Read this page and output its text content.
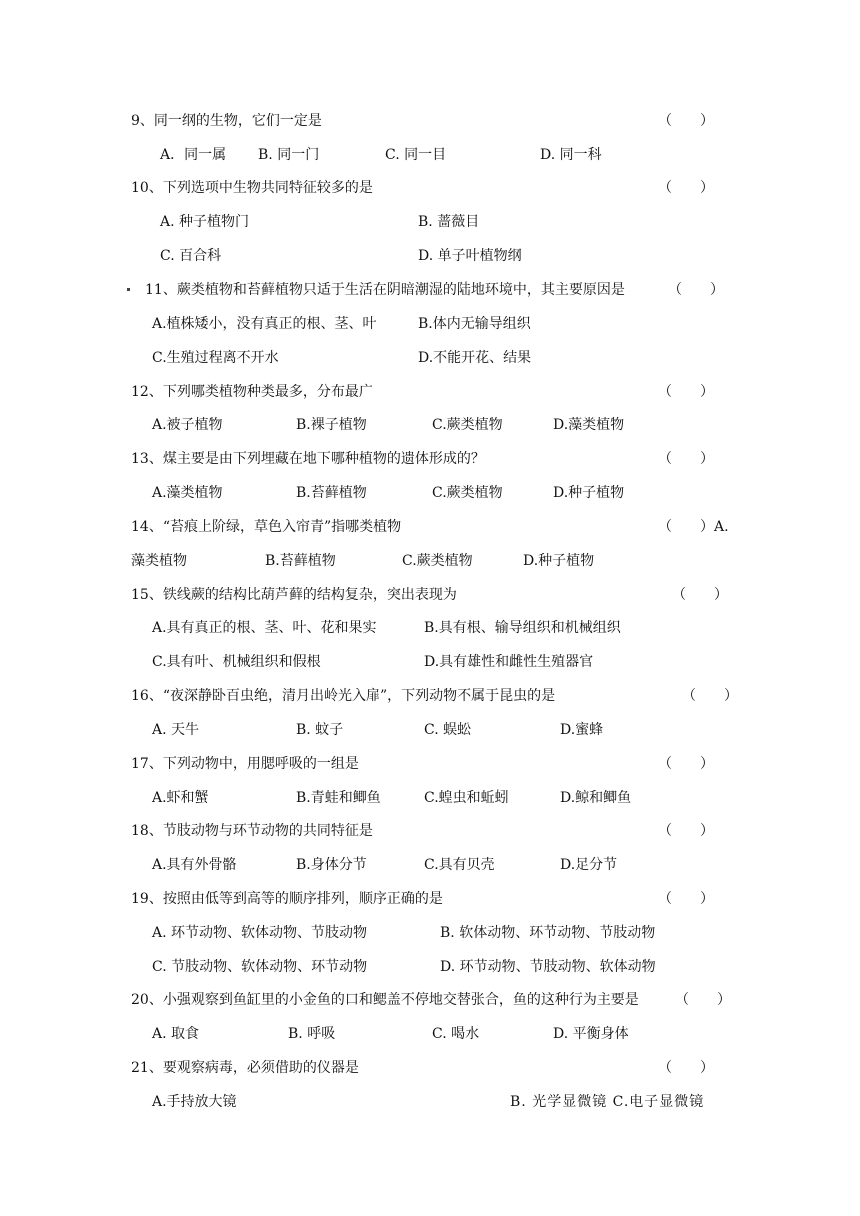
9、同一纲的生物，它们一定是	（　　）
A．同一属 B. 同一门	C. 同一目	D. 同一科
10、下列选项中生物共同特征较多的是	（　　）
A. 种子植物门	B. 蔷薇目
C. 百合科	D. 单子叶植物纲
11、蕨类植物和苔藓植物只适于生活在阴暗潮湿的陆地环境中，其主要原因是	（　　）
A.植株矮小，没有真正的根、茎、叶	B.体内无输导组织
C.生殖过程离不开水	D.不能开花、结果
12、下列哪类植物种类最多，分布最广	（　　）
A.被子植物	B.裸子植物	C.蕨类植物	D.藻类植物
13、煤主要是由下列埋藏在地下哪种植物的遗体形成的？	（　　）
A.藻类植物	B.苔藓植物	C.蕨类植物	D.种子植物
14、“苔痕上阶绿，草色入帘青”指哪类植物	（　　）A.
藻类植物	B.苔藓植物	C.蕨类植物	D.种子植物
15、铁线蕨的结构比葫芦藓的结构复杂，突出表现为	（　　）
A.具有真正的根、茎、叶、花和果实	B.具有根、输导组织和机械组织
C.具有叶、机械组织和假根	D.具有雄性和雌性生殖器官
16、“夜深静卧百虫绝，清月出岭光入扉”，下列动物不属于昆虫的是	（　　）
A. 天牛	B. 蚊子	C. 蜈蚣	D.蜜蜂
17、下列动物中，用腮呼吸的一组是	（　　）
A.虾和蟹	B.青蛙和鲫鱼	C.蝗虫和蚯蚓	D.鲸和鲫鱼
18、节肢动物与环节动物的共同特征是	（　　）
A.具有外骨骼	B.身体分节	C.具有贝壳	D.足分节
19、按照由低等到高等的顺序排列，顺序正确的是	（　　）
A. 环节动物、软体动物、节肢动物	B. 软体动物、环节动物、节肢动物
C. 节肢动物、软体动物、环节动物	D. 环节动物、节肢动物、软体动物
20、小强观察到鱼缸里的小金鱼的口和鳃盖不停地交替张合，鱼的这种行为主要是	（　　）
A. 取食	B. 呼吸	C. 喝水	D. 平衡身体
21、要观察病毒，必须借助的仪器是	（　　）
A.手持放大镜	B. 光学显微镜 C.电子显微镜
